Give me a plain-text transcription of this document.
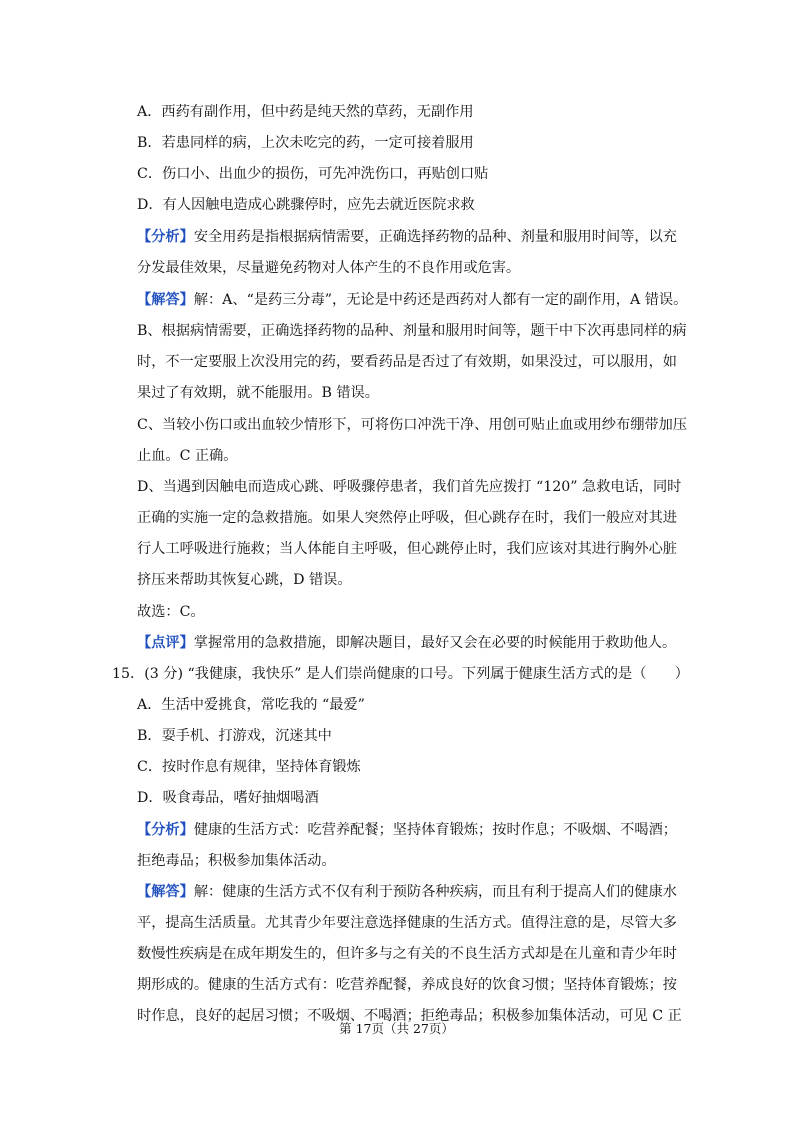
A．西药有副作用，但中药是纯天然的草药，无副作用
B．若患同样的病，上次未吃完的药，一定可接着服用
C．伤口小、出血少的损伤，可先冲洗伤口，再贴创口贴
D．有人因触电造成心跳骤停时，应先去就近医院求救
【分析】安全用药是指根据病情需要，正确选择药物的品种、剂量和服用时间等，以充
分发最佳效果，尽量避免药物对人体产生的不良作用或危害。
【解答】解：A、“是药三分毒”，无论是中药还是西药对人都有一定的副作用，A 错误。
B、根据病情需要，正确选择药物的品种、剂量和服用时间等，题干中下次再患同样的病
时，不一定要服上次没用完的药，要看药品是否过了有效期，如果没过，可以服用，如
果过了有效期，就不能服用。B 错误。
C、当较小伤口或出血较少情形下，可将伤口冲洗干净、用创可贴止血或用纱布绷带加压
止血。C 正确。
D、当遇到因触电而造成心跳、呼吸骤停患者，我们首先应拨打 “120” 急救电话，同时
正确的实施一定的急救措施。如果人突然停止呼吸，但心跳存在时，我们一般应对其进
行人工呼吸进行施救；当人体能自主呼吸，但心跳停止时，我们应该对其进行胸外心脏
挤压来帮助其恢复心跳，D 错误。
故选：C。
【点评】掌握常用的急救措施，即解决题目，最好又会在必要的时候能用于救助他人。
15．(3 分) “我健康，我快乐” 是人们崇尚健康的口号。下列属于健康生活方式的是（　　）
A．生活中爱挑食，常吃我的 “最爱”
B．耍手机、打游戏，沉迷其中
C．按时作息有规律，坚持体育锻炼
D．吸食毒品，嗜好抽烟喝酒
【分析】健康的生活方式：吃营养配餐；坚持体育锻炼；按时作息；不吸烟、不喝酒；
拒绝毒品；积极参加集体活动。
【解答】解：健康的生活方式不仅有利于预防各种疾病，而且有利于提高人们的健康水
平，提高生活质量。尤其青少年要注意选择健康的生活方式。值得注意的是，尽管大多
数慢性疾病是在成年期发生的，但许多与之有关的不良生活方式却是在儿童和青少年时
期形成的。健康的生活方式有：吃营养配餐，养成良好的饮食习惯；坚持体育锻炼；按
时作息，良好的起居习惯；不吸烟、不喝酒；拒绝毒品；积极参加集体活动，可见 C 正
第 17页（共 27页）
